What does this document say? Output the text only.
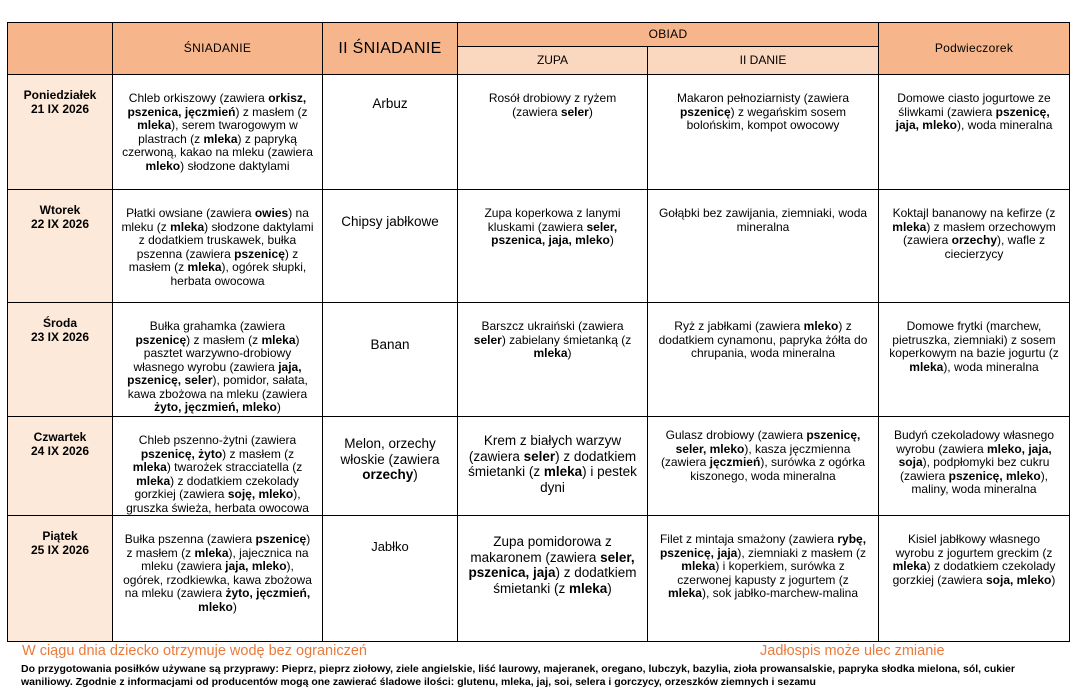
	ŚNIADANIE	II ŚNIADANIE	OBIAD		Podwieczorek
			ZUPA	II DANIE	

Poniedziałek
21 IX 2026	Chleb orkiszowy (zawiera orkisz, pszenica, jęczmień) z masłem (z mleka), serem twarogowym w plastrach (z mleka) z papryką czerwoną, kakao na mleku (zawiera mleko) słodzone daktylami	Arbuz	Rosół drobiowy z ryżem (zawiera seler)	Makaron pełnoziarnisty (zawiera pszenicę) z wegańskim sosem bolońskim, kompot owocowy	Domowe ciasto jogurtowe ze śliwkami (zawiera pszenicę, jaja, mleko), woda mineralna

Wtorek
22 IX 2026	Płatki owsiane (zawiera owies) na mleku (z mleka) słodzone daktylami z dodatkiem truskawek, bułka pszenna (zawiera pszenicę) z masłem (z mleka), ogórek słupki, herbata owocowa	Chipsy jabłkowe	Zupa koperkowa z lanymi kluskami (zawiera seler, pszenica, jaja, mleko)	Gołąbki bez zawijania, ziemniaki, woda mineralna	Koktajl bananowy na kefirze (z mleka) z masłem orzechowym (zawiera orzechy), wafle z ciecierzycy

Środa
23 IX 2026	Bułka grahamka (zawiera pszenicę) z masłem (z mleka) pasztet warzywno-drobiowy własnego wyrobu (zawiera jaja, pszenicę, seler), pomidor, sałata, kawa zbożowa na mleku (zawiera żyto, jęczmień, mleko)	Banan	Barszcz ukraiński (zawiera seler) zabielany śmietanką (z mleka)	Ryż z jabłkami (zawiera mleko) z dodatkiem cynamonu, papryka żółta do chrupania, woda mineralna	Domowe frytki (marchew, pietruszka, ziemniaki) z sosem koperkowym na bazie jogurtu (z mleka), woda mineralna

Czwartek
24 IX 2026	Chleb pszenno-żytni (zawiera pszenicę, żyto) z masłem (z mleka) twarożek stracciatella (z mleka) z dodatkiem czekolady gorzkiej (zawiera soję, mleko), gruszka świeża, herbata owocowa	Melon, orzechy włoskie (zawiera orzechy)	Krem z białych warzyw (zawiera seler) z dodatkiem śmietanki (z mleka) i pestek dyni	Gulasz drobiowy (zawiera pszenicę, seler, mleko), kasza jęczmienna (zawiera jęczmień), surówka z ogórka kiszonego, woda mineralna	Budyń czekoladowy własnego wyrobu (zawiera mleko, jaja, soja), podpłomyki bez cukru (zawiera pszenicę, mleko), maliny, woda mineralna

Piątek
25 IX 2026	Bułka pszenna (zawiera pszenicę) z masłem (z mleka), jajecznica na mleku (zawiera jaja, mleko), ogórek, rzodkiewka, kawa zbożowa na mleku (zawiera żyto, jęczmień, mleko)	Jabłko	Zupa pomidorowa z makaronem (zawiera seler, pszenica, jaja) z dodatkiem śmietanki (z mleka)	Filet z mintaja smażony (zawiera rybę, pszenicę, jaja), ziemniaki z masłem (z mleka) i koperkiem, surówka z czerwonej kapusty z jogurtem (z mleka), sok jabłko-marchew-malina	Kisiel jabłkowy własnego wyrobu z jogurtem greckim (z mleka) z dodatkiem czekolady gorzkiej (zawiera soja, mleko)
W ciągu dnia dziecko otrzymuje wodę bez ograniczeń	Jadłospis może ulec zmianie
Do przygotowania posiłków używane są przyprawy: Pieprz, pieprz ziołowy, ziele angielskie, liść laurowy, majeranek, oregano, lubczyk, bazylia, zioła prowansalskie, papryka słodka mielona, sól, cukier waniliowy. Zgodnie z informacjami od producentów mogą one zawierać śladowe ilości: glutenu, mleka, jaj, soi, selera i gorczycy, orzeszków ziemnych i sezamu
